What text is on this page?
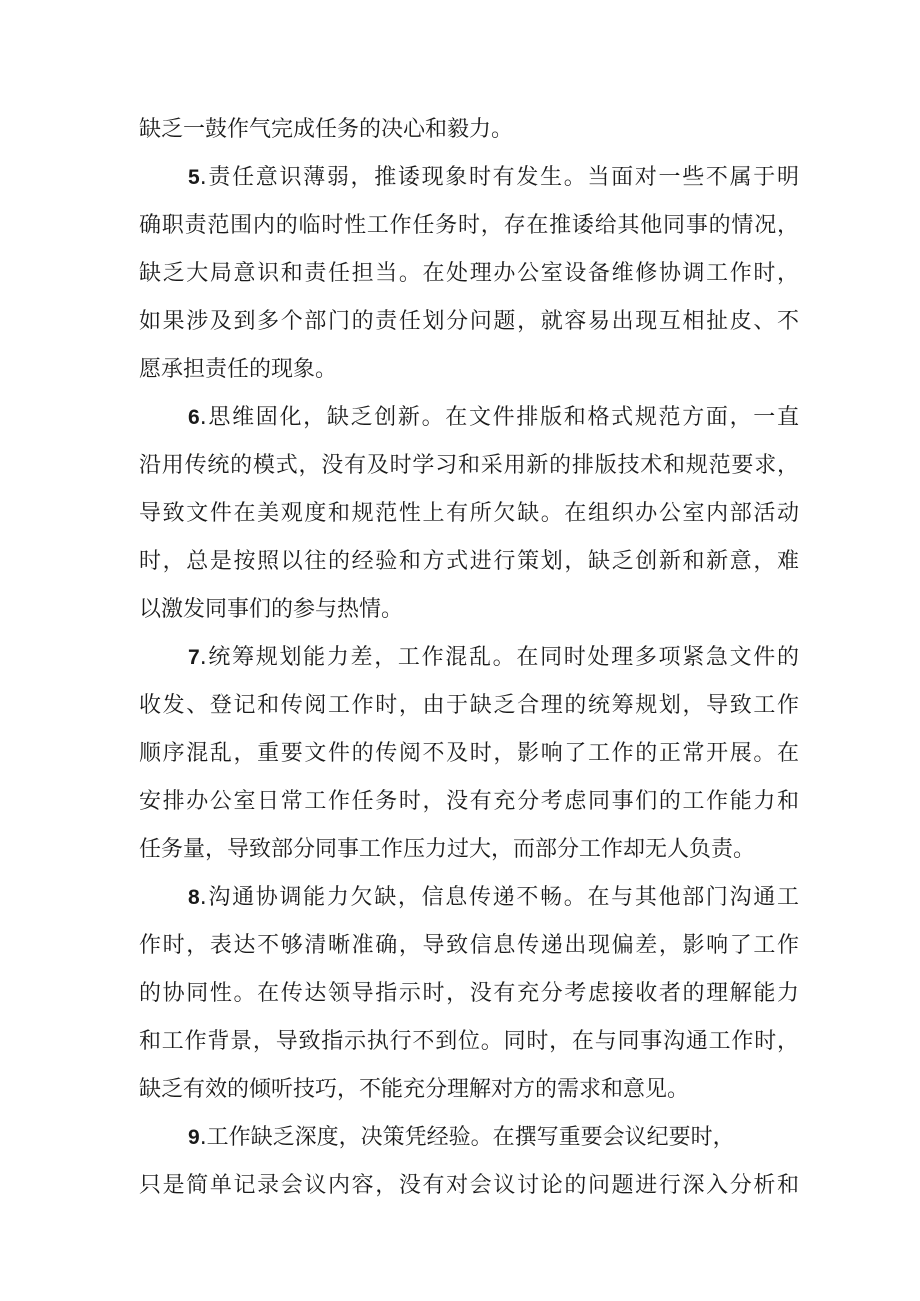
缺乏一鼓作气完成任务的决心和毅力。
5.责任意识薄弱，推诿现象时有发生。当面对一些不属于明
确职责范围内的临时性工作任务时，存在推诿给其他同事的情况，
缺乏大局意识和责任担当。在处理办公室设备维修协调工作时，
如果涉及到多个部门的责任划分问题，就容易出现互相扯皮、不
愿承担责任的现象。
6.思维固化，缺乏创新。在文件排版和格式规范方面，一直
沿用传统的模式，没有及时学习和采用新的排版技术和规范要求，
导致文件在美观度和规范性上有所欠缺。在组织办公室内部活动
时，总是按照以往的经验和方式进行策划，缺乏创新和新意，难
以激发同事们的参与热情。
7.统筹规划能力差，工作混乱。在同时处理多项紧急文件的
收发、登记和传阅工作时，由于缺乏合理的统筹规划，导致工作
顺序混乱，重要文件的传阅不及时，影响了工作的正常开展。在
安排办公室日常工作任务时，没有充分考虑同事们的工作能力和
任务量，导致部分同事工作压力过大，而部分工作却无人负责。
8.沟通协调能力欠缺，信息传递不畅。在与其他部门沟通工
作时，表达不够清晰准确，导致信息传递出现偏差，影响了工作
的协同性。在传达领导指示时，没有充分考虑接收者的理解能力
和工作背景，导致指示执行不到位。同时，在与同事沟通工作时，
缺乏有效的倾听技巧，不能充分理解对方的需求和意见。
9.工作缺乏深度，决策凭经验。在撰写重要会议纪要时，
只是简单记录会议内容，没有对会议讨论的问题进行深入分析和
